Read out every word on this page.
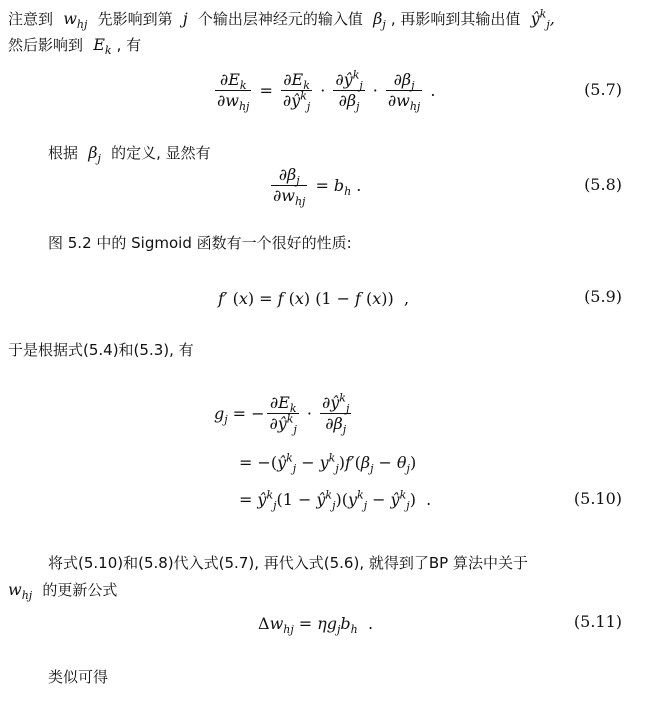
注意到  $w_{hj}$ 先影响到第  j  个输出层神经元的输入值  $\beta_j$ , 再影响到其输出值  $ŷ^k_j$,
然后影响到  $E_k$ , 有
$\frac{\partial E_k}{\partial w_{hj}} = \frac{\partial E_k}{\partial ŷ^k_j} \cdot \frac{\partial ŷ^k_j}{\partial\beta_j} \cdot \frac{\partial\beta_j}{\partial w_{hj}}$ .	(5.7)
根据  $\beta_j$ 的定义, 显然有
$\frac{\partial\beta_j}{\partial w_{hj}} = b_h$ .	(5.8)
图 5.2 中的 Sigmoid 函数有一个很好的性质:
f′ ( x ) = f ( x ) (1 − f ( x ))  ,	(5.9)
于是根据式(5.4)和(5.3), 有
$g_j$ = − $\frac{\partial E_k}{\partial ŷ^k_j} \cdot \frac{\partial ŷ^k_j}{\partial\beta_j}$
= −( $ŷ^k_j - y^k_j$ ) f′ ( $\beta_j - \theta_j$ )
= $ŷ^k_j$ ($1 - ŷ^k_j$ )( $y^k_j$ − $ŷ^k_j$ )  .	(5.10)
将式(5.10)和(5.8)代入式(5.7), 再代入式(5.6), 就得到了BP 算法中关于
$w_{hj}$ 的更新公式
Δ $w_{hj} = \eta g_jb_h$ .	(5.11)
类似可得
